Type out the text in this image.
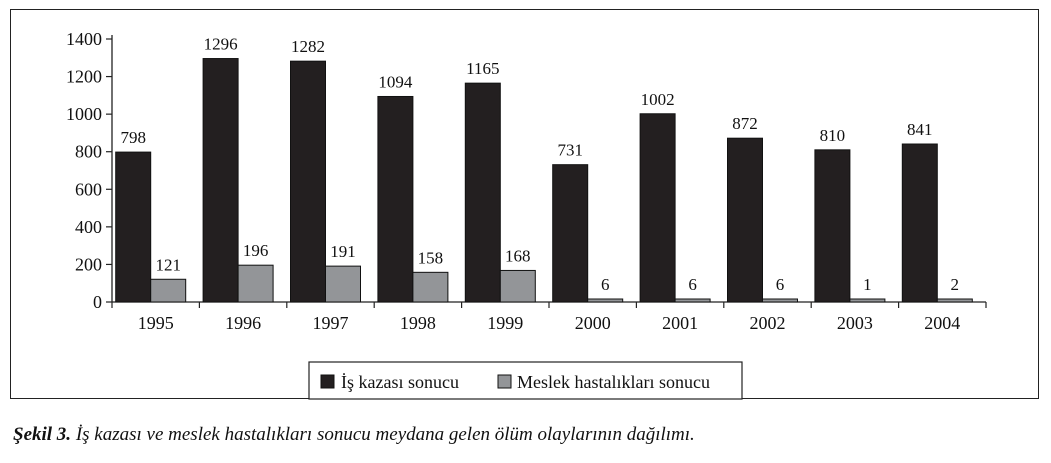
0
200
400
600
800
1000
1200
1400
1995
798
121
1996
1296
196
1997
1282
191
1998
1094
158
1999
1165
168
2000
731
6
2001
1002
6
2002
872
6
2003
810
1
2004
841
2
İş kazası sonucu	Meslek hastalıkları sonucu
Şekil 3. İş kazası ve meslek hastalıkları sonucu meydana gelen ölüm olaylarının dağılımı.
